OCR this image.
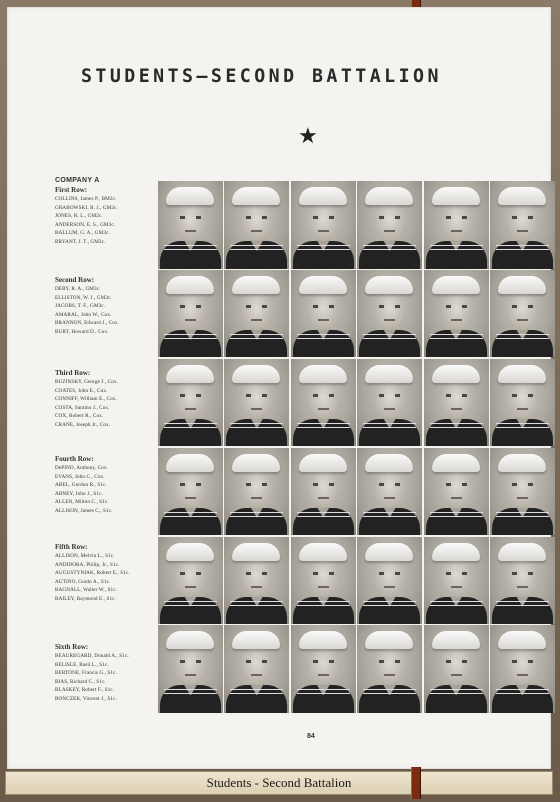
STUDENTS—SECOND BATTALION
★
COMPANY A
First Row:
COLLINS, James P., BM2c.
GRABOWSKI, R. J., GM2c.
JONES, R. L., GM2c.
ANDERSON, E. S., GM3c.
BALLUM, G. A., GM3c.
BRYANT, J. T., GM3c.
Second Row:
DERY, R. A., GM3c.
ELLISTON, W. J., GM3c.
JACOBS, T. F., GM3c.
AMARAL, John W., Cox.
BRANNON, Edward J., Cox.
BURT, Howard D., Cox.
Third Row:
BUZINSKY, George J., Cox.
COATES, John E., Cox.
CONNIFF, William E., Cox.
COSTA, Santino J., Cox.
COX, Robert R., Cox.
CRANE, Joseph Jr., Cox.
Fourth Row:
DePINO, Anthony, Cox.
EVANS, John C., Cox.
ABEL, Gordon R., S1c.
ABNEY, John J., S1c.
ALLEN, Milton C., S1c.
ALLISON, James C., S1c.
Fifth Row:
ALLISON, Melvin L., S1c.
ANDIDORA, Philip, Jr., S1c.
AUGUSTYNIAK, Robert E., S1c.
AUTINO, Guido A., S1c.
BAGNALL, Walter W., S1c.
BAILEY, Raymond E., S1c.
Sixth Row:
BEAUREGARD, Donald A., S1c.
BELISLE, Basil L., S1c.
BERTONE, Francis G., S1c.
BIAS, Richard C., S1c.
BLASKEY, Robert F., S1c.
BONCZEK, Vincent J., S1c.
84
Students - Second Battalion
